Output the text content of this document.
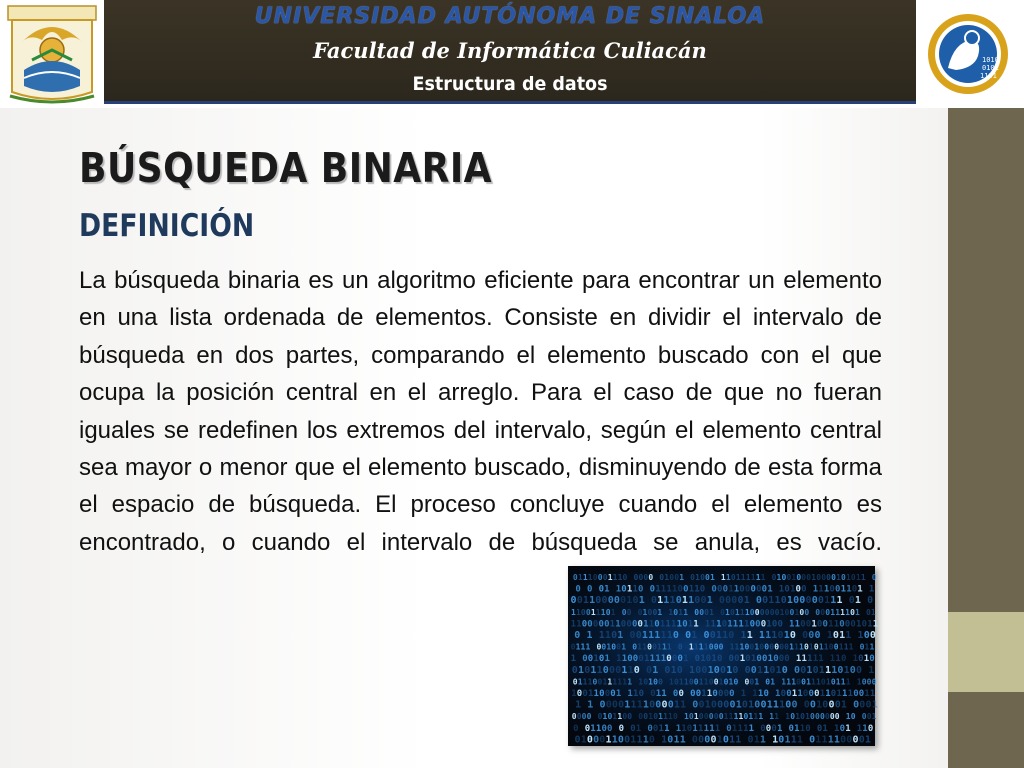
UNIVERSIDAD AUTÓNOMA DE SINALOA
Facultad de Informática Culiacán
Estructura de datos
1010
0101
1101
BÚSQUEDA BINARIA
DEFINICIÓN

La búsqueda binaria es un algoritmo eficiente para encontrar un elemento en una lista ordenada de elementos. Consiste en dividir el intervalo de búsqueda en dos partes, comparando el elemento buscado con el que ocupa la posición central en el arreglo. Para el caso de que no fueran iguales se redefinen los extremos del intervalo, según el elemento central sea mayor o menor que el elemento buscado, disminuyendo de esta forma el espacio de búsqueda. El proceso concluye cuando el elemento es encontrado, o cuando el intervalo de búsqueda se anula, es vacío.

0 1 1 1 0 0 0 1 1 1 0 0 0 0 0 0 1 0 0 1 0 1 0 0 1 1 1 0 1 1 1 1 1 1 0 1 0 0 1 0 0 0 1 0 0 0 0 1 0 1 0 1 1 0
0 0 0 1 1 0 1 1 0 0 1 1 1 1 0 0 1 1 0 0 0 0 1 1 0 0 0 0 0 1 1 0 1 0 0 1 1 1 0 0 1 1 0 1 1
0 0 1 1 0 0 0 0 0 1 0 1 0 1 1 1 0 1 1 0 0 1 0 0 0 0 1 0 0 1 1 0 1 0 0 0 0 0 1 1 1 0 1 0
1 1 0 0 1 1 1 0 1 0 0 0 1 0 0 1 1 0 1 1 0 0 0 1 0 1 0 1 1 1 0 0 0 0 0 0 1 0 0 1 0 0 0 0 0 1 1 1 1 0 1 0 1
1 1 0 0 0 0 0 1 1 0 0 0 0 1 1 0 1 1 1 1 0 1 1 1 1 1 0 1 1 1 1 0 0 0 1 0 0 1 1 0 0 1 0 0 1 1 0 0 0 1 0 1 1
0 1 1 1 0 1 0 0 1 1 1 1 1 0 0 1 0 0 1 1 0 1 1 1 1 1 0 1 0 0 0 0 1 0 1 1 1 0 0
0 1 1 1 0 0 1 0 0 1 0 1 1 0 0 1 1 1 0 1 1 1 1 0 0 0 1 1 1 0 0 1 0 0 0 0 0 0 1 1 1 0 1 0 1 1 0 0 1 1 1 0 1 1
1 0 0 1 0 1 1 1 0 0 0 1 1 1 1 0 0 0 1 0 1 0 1 0 0 0 1 0 1 0 0 1 0 0 0 1 1 1 1 1 1 1 0 1 0 1 0
0 1 0 1 1 0 0 0 1 1 0 0 1 0 1 0 1 0 0 1 0 0 1 0 0 0 1 1 0 1 0 0 0 1 0 1 1 1 0 1 0 0 1
0 1 1 1 0 0 1 1 1 1 1 1 1 0 1 0 0 1 0 1 1 0 0 1 1 0 0 1 0 1 0 0 0 1 0 1 1 1 1 0 0 1 1 1 0 1 0 1 1 1 1 0 0 0
1 0 0 1 1 0 0 0 1 1 1 0 0 1 1 0 0 0 0 1 1 0 0 0 0 1 1 1 0 1 0 0 1 1 0 0 0 1 1 0 1 1 1 0 0 1 1
1 1 0 0 0 0 1 1 1 1 0 0 0 0 1 1 0 0 1 0 0 0 0 1 0 1 0 0 1 1 1 0 0 0 0 1 0 0 0 1 0 0 0 1
0 0 0 0 0 1 0 1 1 0 0 0 0 1 0 1 1 1 0 1 0 1 0 0 0 0 0 1 1 1 1 0 1 1 1 1 1 1 0 1 0 1 0 0 0 0 0 0 1 0 0 0 1
0 0 1 1 0 0 0 0 1 0 0 1 1 1 1 0 1 1 1 1 1 0 1 1 1 1 0 0 0 1 0 1 1 0 0 1 1 0 1 1 1 0
0 1 0 0 0 1 1 0 0 1 1 1 0 1 0 1 1 0 0 0 0 1 0 1 1 0 1 1 1 0 1 1 1 0 1 1 1 1 0 0 0 0 1
